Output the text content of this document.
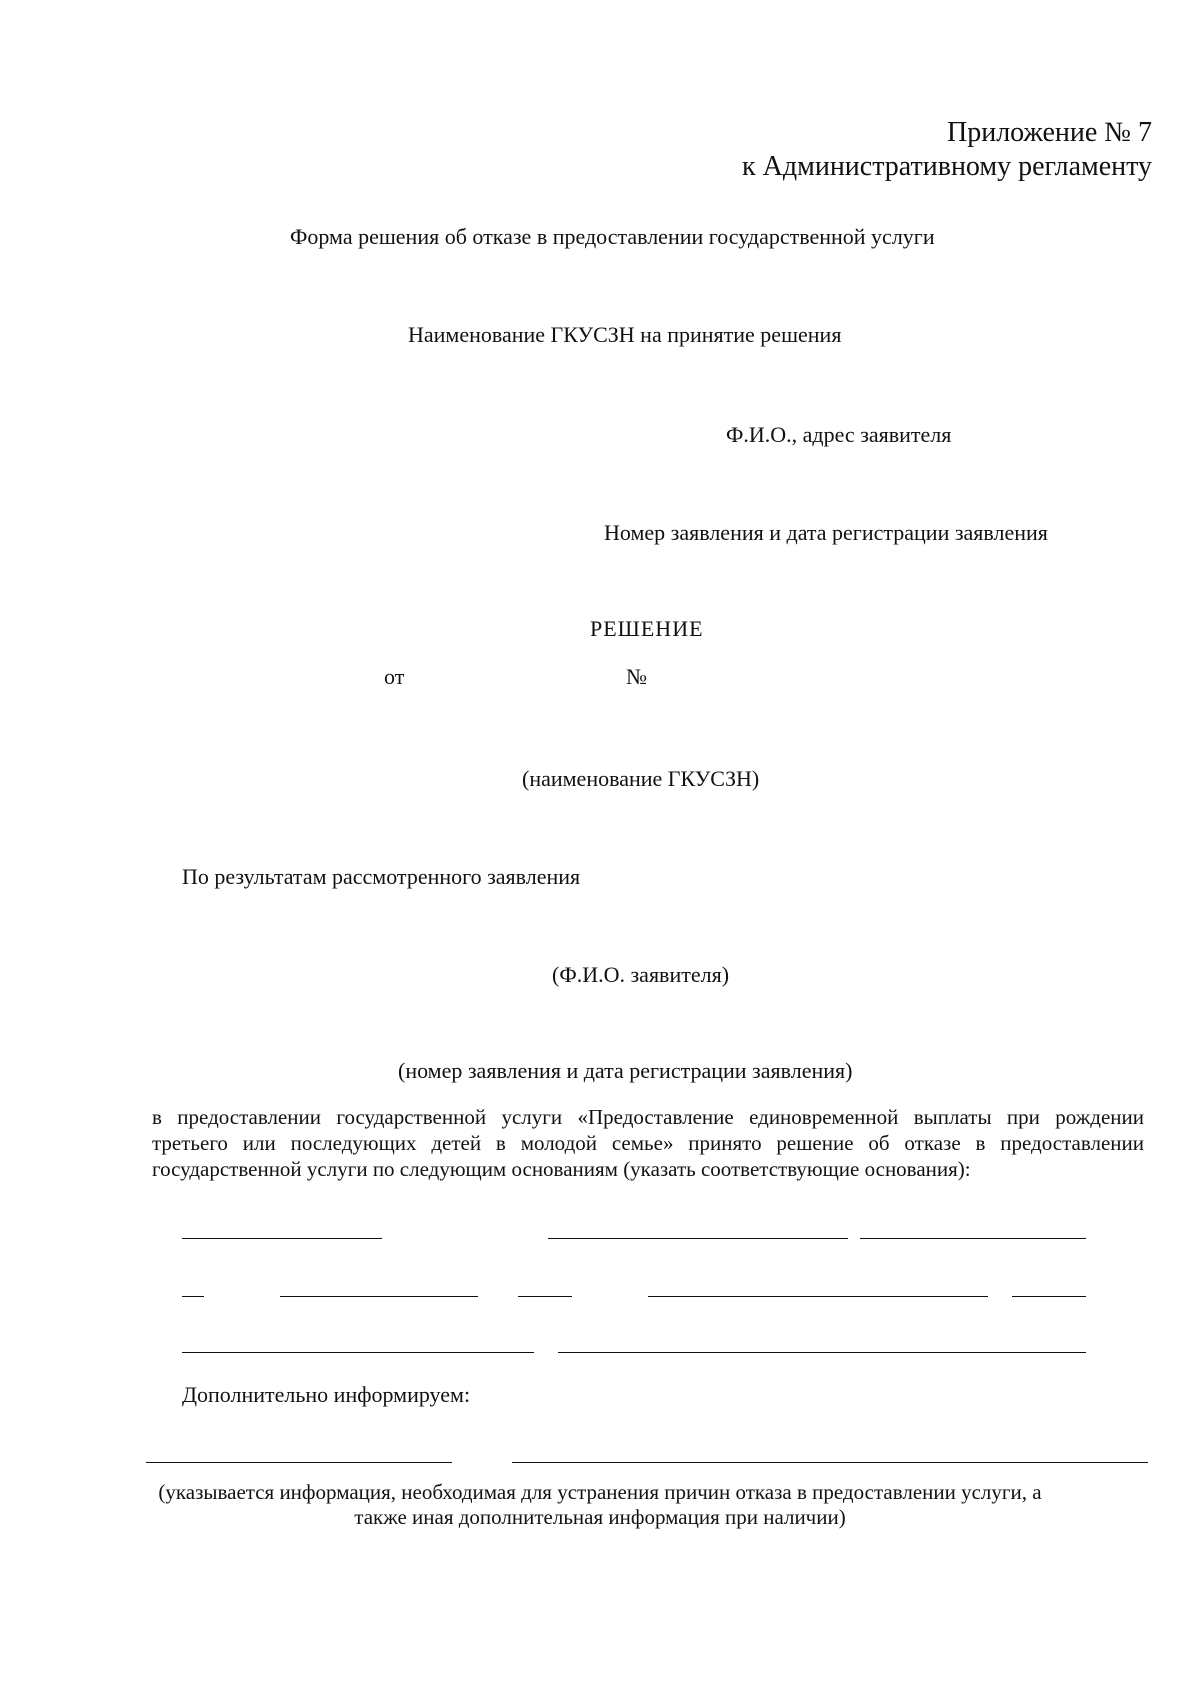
Приложение № 7
к Административному регламенту
Форма решения об отказе в предоставлении государственной услуги
Наименование ГКУСЗН на принятие решения
Ф.И.О., адрес заявителя
Номер заявления и дата регистрации заявления
РЕШЕНИЕ
от	№
(наименование ГКУСЗН)
По результатам рассмотренного заявления
(Ф.И.О. заявителя)
(номер заявления и дата регистрации заявления)
в предоставлении государственной услуги «Предоставление единовременной выплаты при рождении третьего или последующих детей в молодой семье» принято решение об отказе в предоставлении государственной услуги по следующим основаниям (указать соответствующие основания):
Дополнительно информируем:
(указывается информация, необходимая для устранения причин отказа в предоставлении услуги, а также иная дополнительная информация при наличии)
